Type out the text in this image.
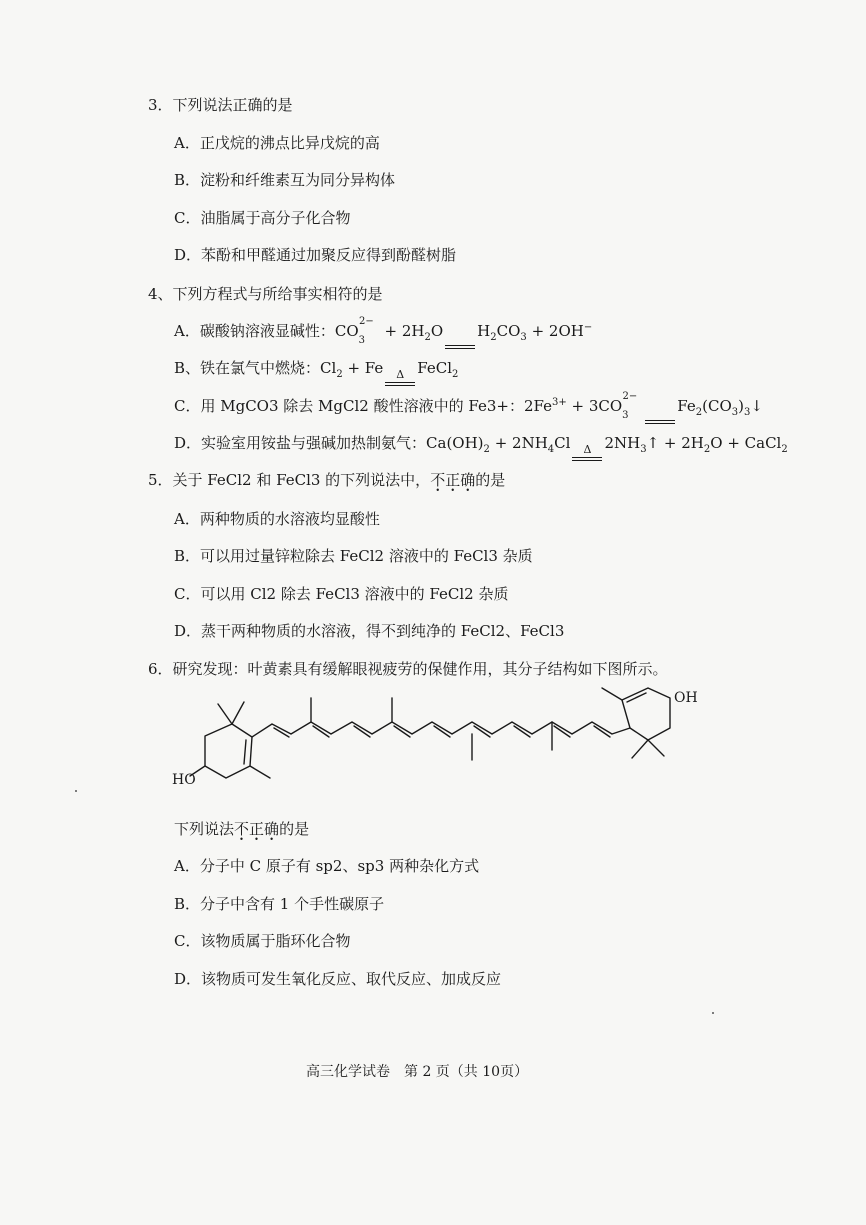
3．下列说法正确的是
A．正戊烷的沸点比异戊烷的高
B．淀粉和纤维素互为同分异构体
C．油脂属于高分子化合物
D．苯酚和甲醛通过加聚反应得到酚醛树脂
4、下列方程式与所给事实相符的是
A．碳酸钠溶液显碱性：$CO_3^{2-} + 2H_2O$ $H_2CO_3 + 2OH^-$
B、铁在氯气中燃烧：$Cl_2 + Fe$	Δ FeCl$_2$
C．用 MgCO3 除去 MgCl2 酸性溶液中的 Fe3+：$2Fe^{3+} + 3CO_3^{2-}$
$Fe_2(CO_3)_3↓$
D．实验室用铵盐与强碱加热制氨气：$Ca(OH)_2 + 2NH_4Cl$	Δ $2NH_3↑ + 2H_2O$ + CaCl$_2$
5．关于 FeCl2 和 FeCl3 的下列说法中，不正确的是
A．两种物质的水溶液均显酸性
B．可以用过量锌粒除去 FeCl2 溶液中的 FeCl3 杂质
C．可以用 Cl2 除去 FeCl3 溶液中的 FeCl2 杂质
D．蒸干两种物质的水溶液，得不到纯净的 FeCl2、FeCl3
6．研究发现：叶黄素具有缓解眼视疲劳的保健作用，其分子结构如下图所示。
HO
OH
下列说法不正确的是
A．分子中 C 原子有 sp2、sp3 两种杂化方式
B．分子中含有 1 个手性碳原子
C．该物质属于脂环化合物
D．该物质可发生氧化反应、取代反应、加成反应
高三化学试卷　第 2 页（共 10页）
